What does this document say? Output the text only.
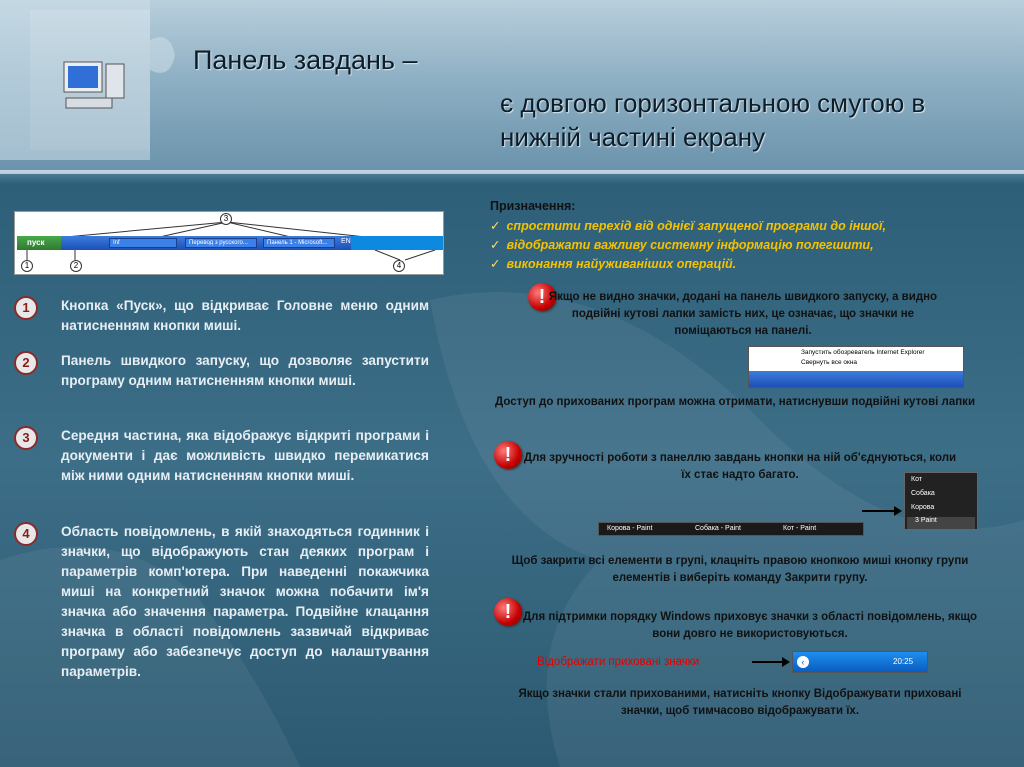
Панель завдань –
є довгою горизонтальною смугою в нижній частині екрану
3
пуск	Inf	Перевод з русского...	Панель 1 - Microsoft...	EN
1	2	4
1	Кнопка «Пуск», що відкриває Головне меню одним натисненням кнопки миші.
2	Панель швидкого запуску, що дозволяє запустити програму одним натисненням кнопки миші.
3	Середня частина, яка відображує відкриті програми і документи і дає можливість швидко перемикатися між ними одним натисненням кнопки миші.
4	Область повідомлень, в якій знаходяться годинник і значки, що відображують стан деяких програм і параметрів комп'ютера. При наведенні покажчика миші на конкретний значок можна побачити ім'я значка або значення параметра. Подвійне клацання значка в області повідомлень зазвичай відкриває програму або забезпечує доступ до налаштування параметрів.
Призначення:
✓ спростити перехід від однієї запущеної програми до іншої,
✓ відображати важливу системну інформацію полегшити,
✓ виконання найуживаніших операцій.
! Якщо не видно значки, додані на панель швидкого запуску, а видно подвійні кутові лапки замість них, це означає, що значки не поміщаються на панелі.
Запустить обозреватель Internet Explorer
Свернуть все окна
Доступ до прихованих програм можна отримати, натиснувши подвійні кутові лапки
!	Для зручності роботи з панеллю завдань кнопки на ній об'єднуються, коли їх стає надто багато.	Кот
Собака
Корова
3 Paint
Корова - Paint	Собака - Paint	Кот - Paint
Щоб закрити всі елементи в групі, клацніть правою кнопкою миші кнопку групи елементів і виберіть команду Закрити групу.
!	Для підтримки порядку Windows приховує значки з області повідомлень, якщо вони довго не використовуються.
Відображати приховані значки	‹	20:25
Якщо значки стали прихованими, натисніть кнопку Відображувати приховані значки, щоб тимчасово відображувати їх.
